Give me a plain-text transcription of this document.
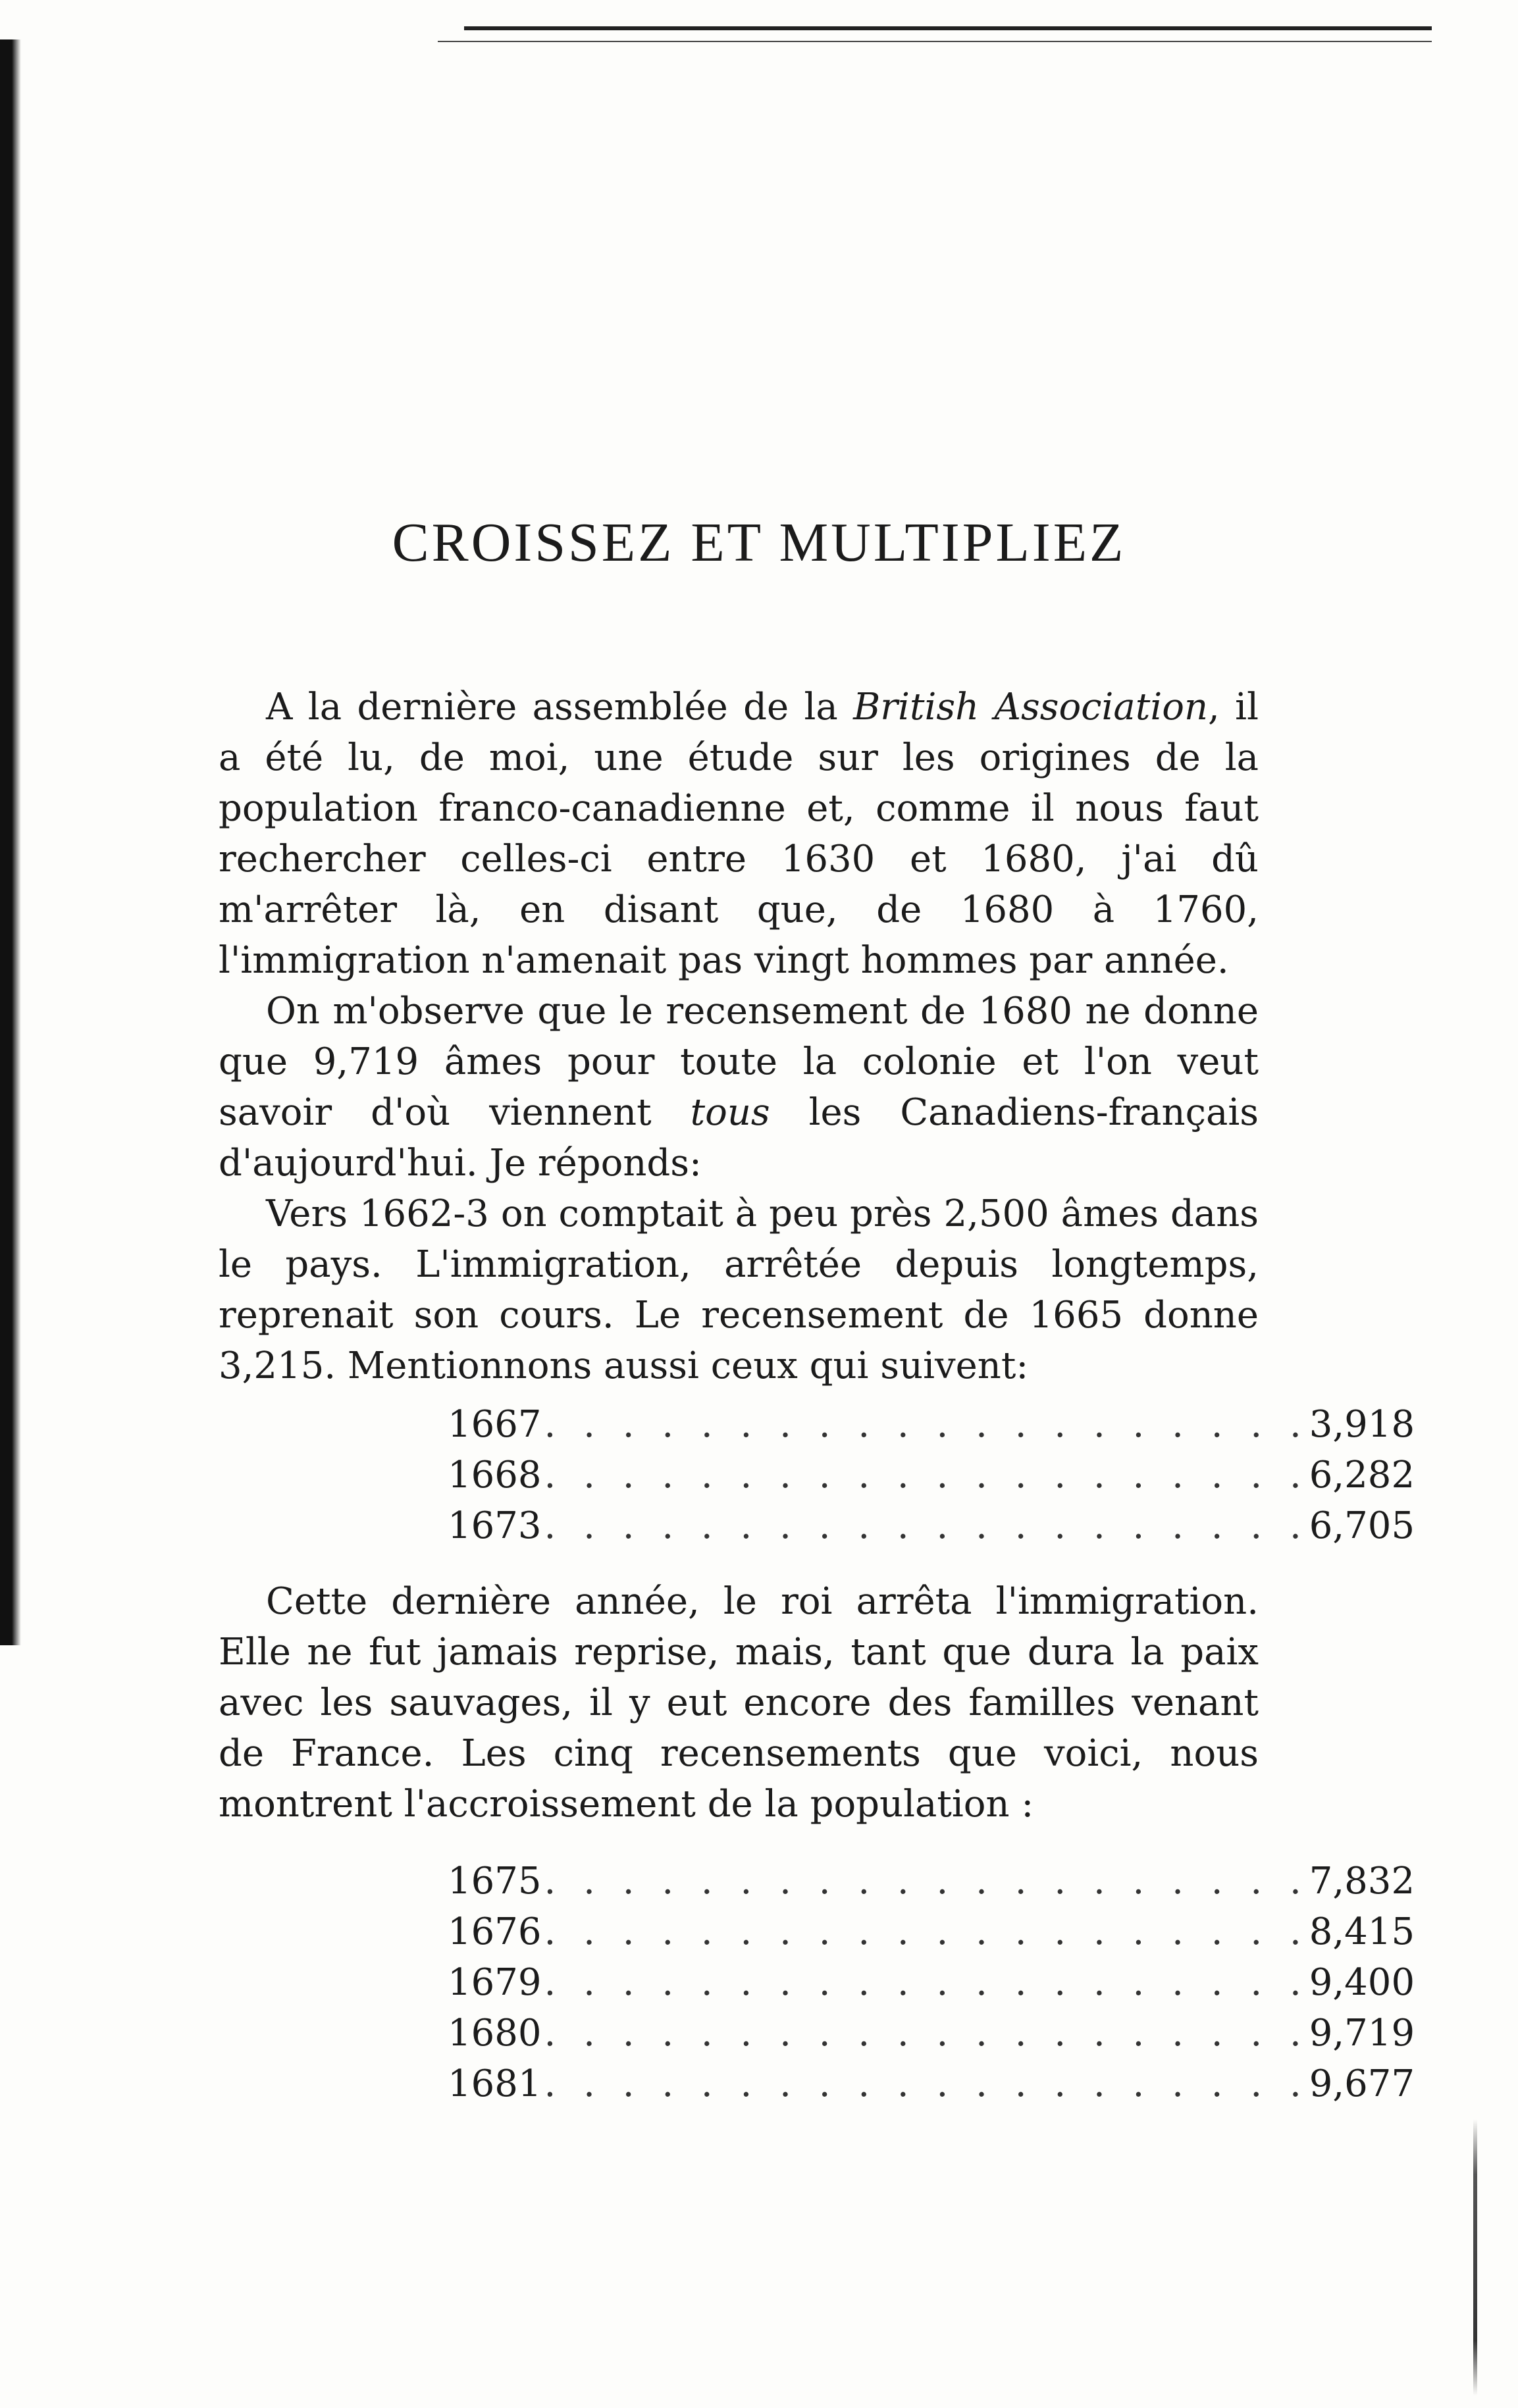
CROISSEZ ET MULTIPLIEZ

A la dernière assemblée de la British Association, il a été lu, de moi, une étude sur les origines de la population franco-canadienne et, comme il nous faut rechercher celles-ci entre 1630 et 1680, j'ai dû m'arrêter là, en disant que, de 1680 à 1760, l'immigration n'amenait pas vingt hommes par année.

On m'observe que le recensement de 1680 ne donne que 9,719 âmes pour toute la colonie et l'on veut savoir d'où viennent tous les Canadiens-français d'aujourd'hui. Je réponds:

Vers 1662-3 on comptait à peu près 2,500 âmes dans le pays. L'immigration, arrêtée depuis longtemps, reprenait son cours. Le recensement de 1665 donne 3,215. Mentionnons aussi ceux qui suivent:

1667 . . . . . . . . . . . . . . . . . . . . 3,918
1668 . . . . . . . . . . . . . . . . . . . . 6,282
1673 . . . . . . . . . . . . . . . . . . . . 6,705

Cette dernière année, le roi arrêta l'immigration. Elle ne fut jamais reprise, mais, tant que dura la paix avec les sauvages, il y eut encore des familles venant de France. Les cinq recensements que voici, nous montrent l'accroissement de la population :

1675 . . . . . . . . . . . . . . . . . . . . 7,832
1676 . . . . . . . . . . . . . . . . . . . . 8,415
1679 . . . . . . . . . . . . . . . . . . . . 9,400
1680 . . . . . . . . . . . . . . . . . . . . 9,719
1681 . . . . . . . . . . . . . . . . . . . . 9,677
